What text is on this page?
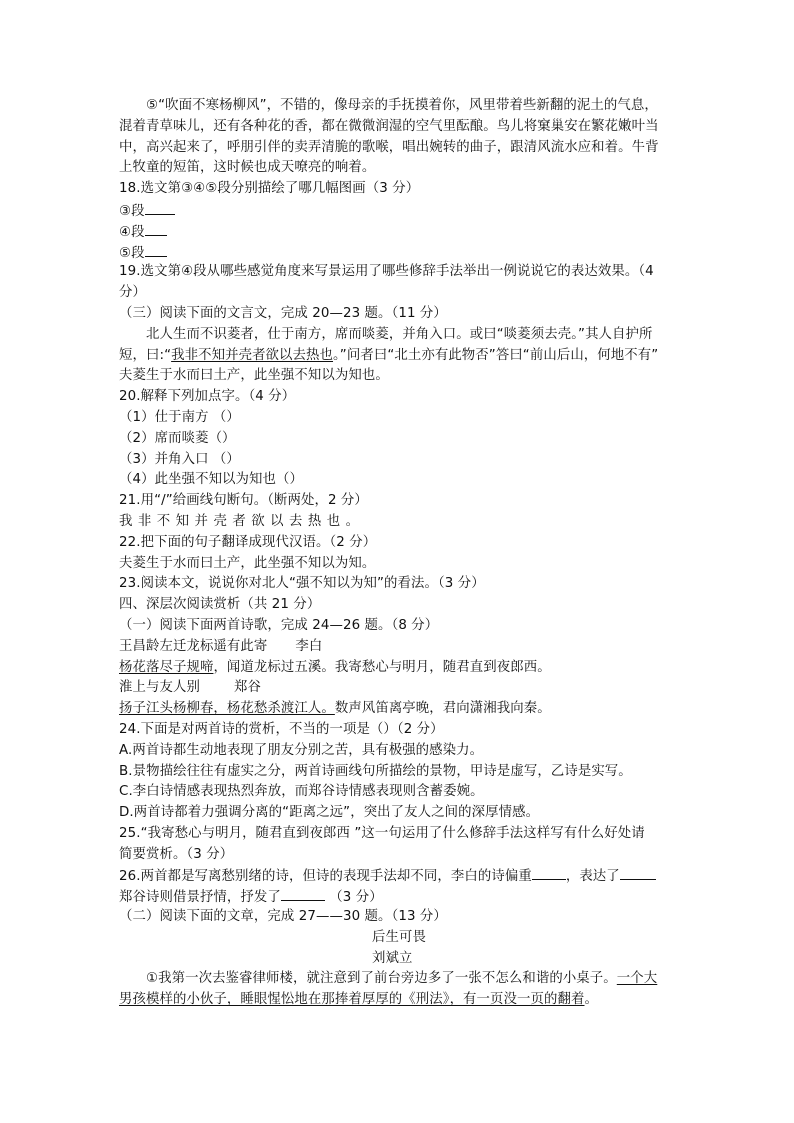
⑤“吹面不寒杨柳风”，不错的，像母亲的手抚摸着你，风里带着些新翻的泥土的气息，
混着青草味儿，还有各种花的香，都在微微润湿的空气里酝酿。鸟儿将窠巢安在繁花嫩叶当
中，高兴起来了，呼朋引伴的卖弄清脆的歌喉，唱出婉转的曲子，跟清风流水应和着。牛背
上牧童的短笛，这时候也成天嘹亮的响着。
18.选文第③④⑤段分别描绘了哪几幅图画（3 分）
③段
④段
⑤段
19.选文第④段从哪些感觉角度来写景运用了哪些修辞手法举出一例说说它的表达效果。（4
分）
（三）阅读下面的文言文，完成 20—23 题。（11 分）
北人生而不识菱者，仕于南方，席而啖菱，并角入口。或曰“啖菱须去壳。”其人自护所
短，曰:“我非不知并壳者欲以去热也。”问者曰“北土亦有此物否”答曰“前山后山，何地不有”
夫菱生于水而曰土产，此坐强不知以为知也。
20.解释下列加点字。（4 分）
（1）仕于南方 （）
（2）席而啖菱（）
（3）并角入口 （）
（4）此坐强不知以为知也（）
21.用“/”给画线句断句。（断两处，2 分）
我非不知并壳者欲以去热也。
22.把下面的句子翻译成现代汉语。（2 分）
夫菱生于水而曰土产，此坐强不知以为知。
23.阅读本文，说说你对北人“强不知以为知”的看法。（3 分）
四、深层次阅读赏析（共 21 分）
（一）阅读下面两首诗歌，完成 24—26 题。（8 分）
王昌龄左迁龙标遥有此寄 李白
杨花落尽子规啼，闻道龙标过五溪。我寄愁心与明月，随君直到夜郎西。
淮上与友人别	郑谷
扬子江头杨柳春，杨花愁杀渡江人。数声风笛离亭晚，君向潇湘我向秦。
24.下面是对两首诗的赏析，不当的一项是（）（2 分）
A.两首诗都生动地表现了朋友分别之苦，具有极强的感染力。
B.景物描绘往往有虚实之分，两首诗画线句所描绘的景物，甲诗是虚写，乙诗是实写。
C.李白诗情感表现热烈奔放，而郑谷诗情感表现则含蓄委婉。
D.两首诗都着力强调分离的“距离之远”，突出了友人之间的深厚情感。
25.“我寄愁心与明月，随君直到夜郎西 ”这一句运用了什么修辞手法这样写有什么好处请
简要赏析。（3 分）
26.两首都是写离愁别绪的诗，但诗的表现手法却不同，李白的诗偏重	，表达了
郑谷诗则借景抒情，抒发了	（3 分）
（二）阅读下面的文章，完成 27——30 题。（13 分）
后生可畏
刘斌立
①我第一次去鉴睿律师楼，就注意到了前台旁边多了一张不怎么和谐的小桌子。一个大
男孩模样的小伙子，睡眼惺忪地在那捧着厚厚的《刑法》，有一页没一页的翻着。
